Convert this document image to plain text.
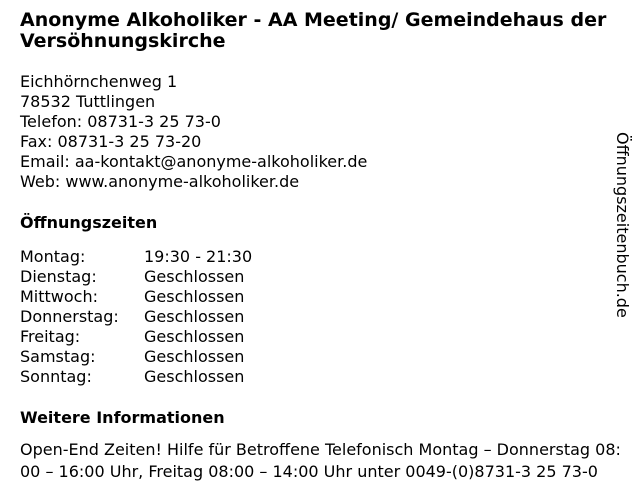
Anonyme Alkoholiker - AA Meeting/ Gemeindehaus der Versöhnungskirche
Eichhörnchenweg 1
78532 Tuttlingen
Telefon: 08731-3 25 73-0
Fax: 08731-3 25 73-20
Email: aa-kontakt@anonyme-alkoholiker.de
Web: www.anonyme-alkoholiker.de
Öffnungszeiten
Montag:	19:30 - 21:30
Dienstag:	Geschlossen
Mittwoch:	Geschlossen
Donnerstag:	Geschlossen
Freitag:	Geschlossen
Samstag:	Geschlossen
Sonntag:	Geschlossen
Weitere Informationen
Open-End Zeiten! Hilfe für Betroffene Telefonisch Montag – Donnerstag 08:00 – 16:00 Uhr, Freitag 08:00 – 14:00 Uhr unter 0049-(0)8731-3 25 73-0
Öffnungszeitenbuch.de
